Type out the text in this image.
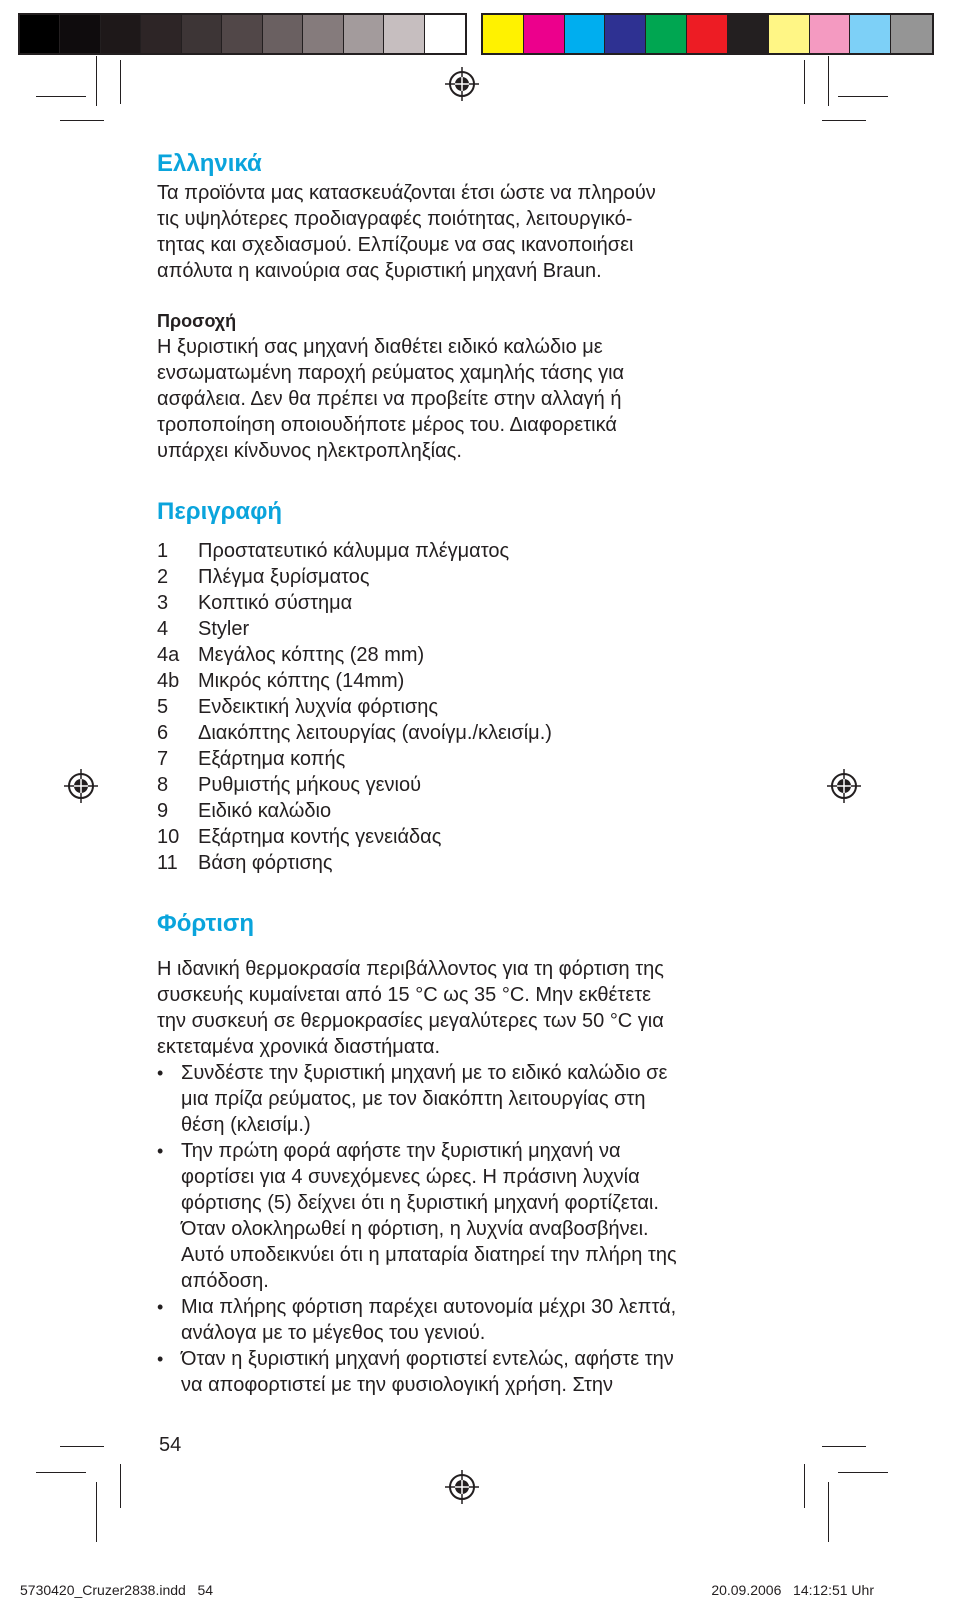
Ελληνικά

Τα προϊόντα μας κατασκευάζονται έτσι ώστε να πληρούν

τις υψηλότερες προδιαγραφές ποιότητας, λειτουργικό-

τητας και σχεδιασμού. Ελπίζουμε να σας ικανοποιήσει

απόλυτα η καινούρια σας ξυριστική μηχανή Braun.

Προσοχή

Η ξυριστική σας μηχανή διαθέτει ειδικό καλώδιο με

ενσωματωμένη παροχή ρεύματος χαμηλής τάσης για

ασφάλεια. Δεν θα πρέπει να προβείτε στην αλλαγή ή

τροποποίηση οποιουδήποτε μέρος του. Διαφορετικά

υπάρχει κίνδυνος ηλεκτροπληξίας.

Περιγραφή
1	Προστατευτικό κάλυμμα πλέγματος
2	Πλέγμα ξυρίσματος
3	Κοπτικό σύστημα
4	Styler
4a Μεγάλος κόπτης (28 mm)
4b Μικρός κόπτης (14mm)
5	Ενδεικτική λυχνία φόρτισης
6	Διακόπτης λειτουργίας (ανοίγμ./κλεισίμ.)
7	Εξάρτημα κοπής
8	Ρυθμιστής μήκους γενιού
9	Ειδικό καλώδιο
10 Εξάρτημα κοντής γενειάδας
11	Βάση φόρτισης
Φόρτιση

Η ιδανική θερμοκρασία περιβάλλοντος για τη φόρτιση της

συσκευής κυμαίνεται από 15 °C ως 35 °C. Μην εκθέτετε

την συσκευή σε θερμοκρασίες μεγαλύτερες των 50 °C για

εκτεταμένα χρονικά διαστήματα.

• Συνδέστε την ξυριστική μηχανή με το ειδικό καλώδιο σε
μια πρίζα ρεύματος, με τον διακόπτη λειτουργίας στη
θέση (κλεισίμ.)
• Την πρώτη φορά αφήστε την ξυριστική μηχανή να
φορτίσει για 4 συνεχόμενες ώρες. Η πράσινη λυχνία
φόρτισης (5) δείχνει ότι η ξυριστική μηχανή φορτίζεται.
Όταν ολοκληρωθεί η φόρτιση, η λυχνία αναβοσβήνει.
Αυτό υποδεικνύει ότι η μπαταρία διατηρεί την πλήρη της
απόδοση.
• Μια πλήρης φόρτιση παρέχει αυτονομία μέχρι 30 λεπτά,
ανάλογα με το μέγεθος του γενιού.
• Όταν η ξυριστική μηχανή φορτιστεί εντελώς, αφήστε την
να αποφορτιστεί με την φυσιολογική χρήση. Στην
54
5730420_Cruzer2838.indd   54	20.09.2006   14:12:51 Uhr
